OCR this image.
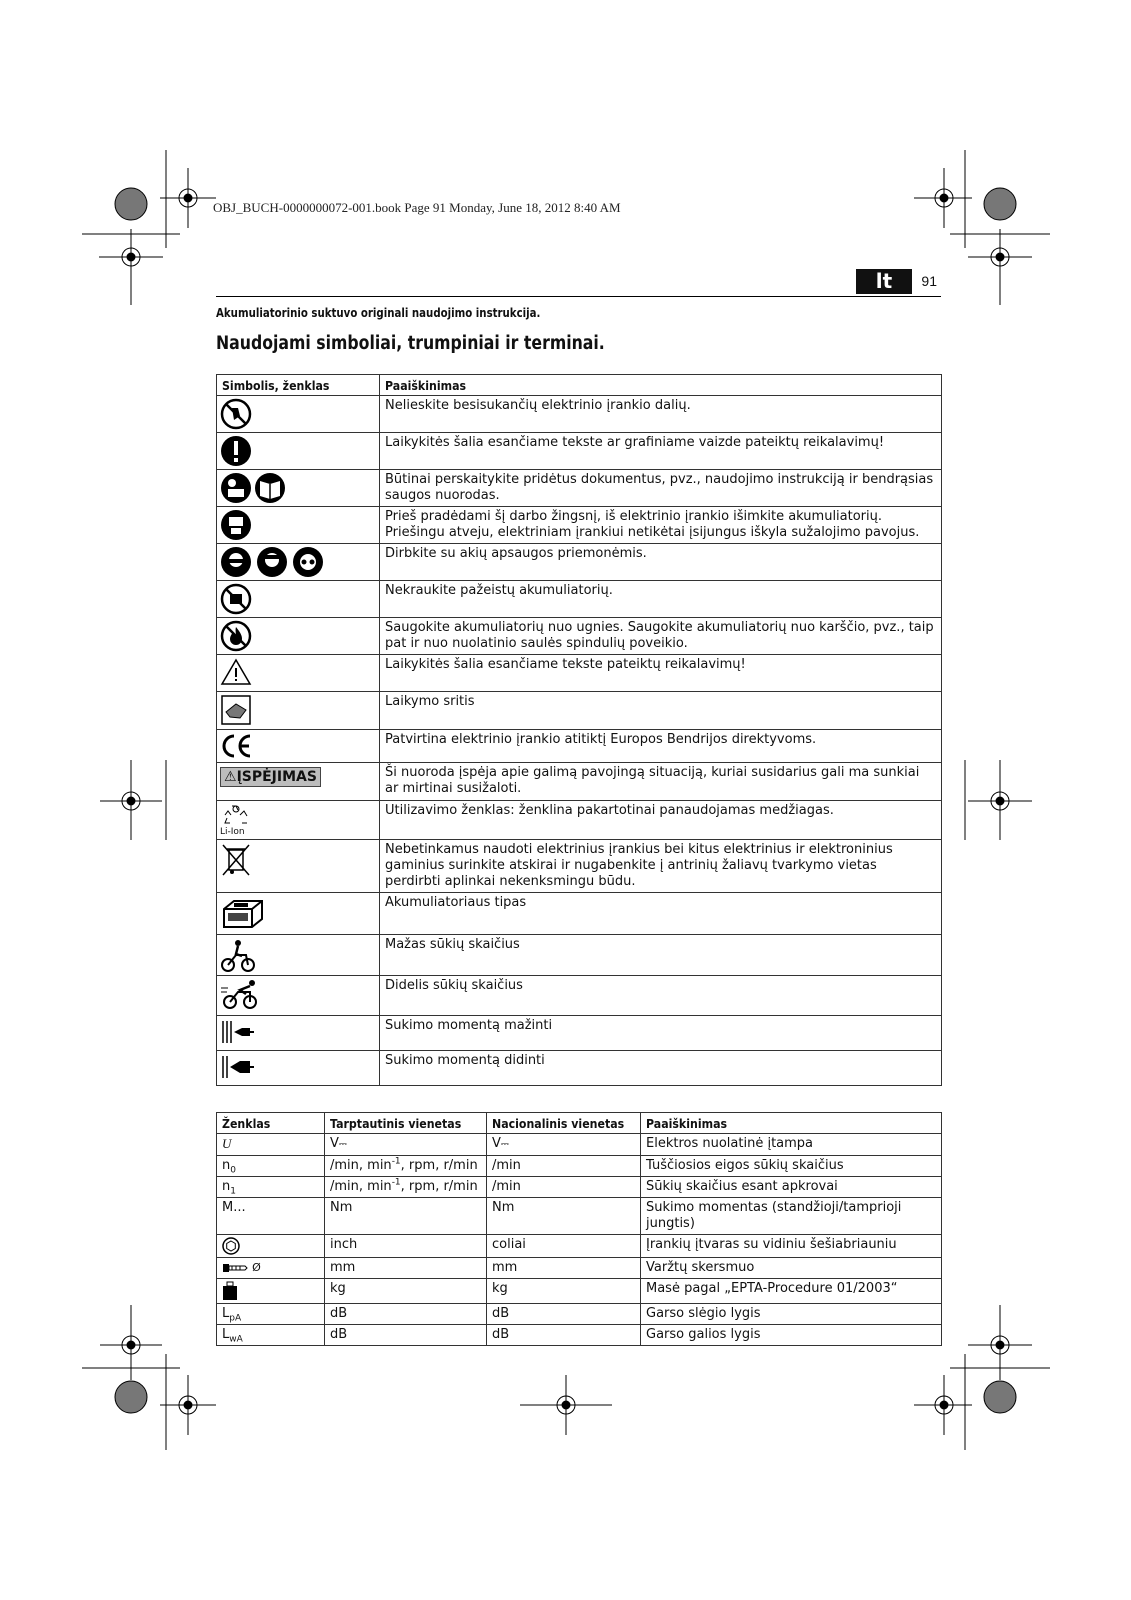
OBJ_BUCH-0000000072-001.book Page 91 Monday, June 18, 2012 8:40 AM
lt	91
Akumuliatorinio suktuvo originali naudojimo instrukcija.
Naudojami simboliai, trumpiniai ir terminai.
Simbolis, ženklas	Paaiškinimas

	Nelieskite besisukančių elektrinio įrankio dalių.

	Laikykitės šalia esančiame tekste ar grafiniame vaizde pateiktų reikalavimų!

	Būtinai perskaitykite pridėtus dokumentus, pvz., naudojimo instrukciją ir bendrąsias saugos nuorodas.

	Prieš pradėdami šį darbo žingsnį, iš elektrinio įrankio išimkite akumuliatorių. Priešingu atveju, elektriniam įrankiui netikėtai įsijungus iškyla sužalojimo pavojus.

	Dirbkite su akių apsaugos priemonėmis.

	Nekraukite pažeistų akumuliatorių.

	Saugokite akumuliatorių nuo ugnies. Saugokite akumuliatorių nuo karščio, pvz., taip pat ir nuo nuolatinio saulės spindulių poveikio.

	Laikykitės šalia esančiame tekste pateiktų reikalavimų!

	Laikymo sritis

	Patvirtina elektrinio įrankio atitiktį Europos Bendrijos direktyvoms.
⚠ĮSPĖJIMAS	Ši nuoroda įspėja apie galimą pavojingą situaciją, kuriai susidarius gali ma sunkiai ar mirtinai susižaloti.

Li-Ion	Utilizavimo ženklas: ženklina pakartotinai panaudojamas medžiagas.

	Nebetinkamus naudoti elektrinius įrankius bei kitus elektrinius ir elektroninius gaminius surinkite atskirai ir nugabenkite į antrinių žaliavų tvarkymo vietas perdirbti aplinkai nekenksmingu būdu.

	Akumuliatoriaus tipas

	Mažas sūkių skaičius

	Didelis sūkių skaičius

	Sukimo momentą mažinti

	Sukimo momentą didinti
Ženklas	Tarptautinis vienetas	Nacionalinis vienetas	Paaiškinimas
U	V⎓	V⎓	Elektros nuolatinė įtampa
$n_0$	/min, $\min^{-1}$, rpm, r/min	/min	Tuščiosios eigos sūkių skaičius
$n_1$	/min, $\min^{-1}$, rpm, r/min	/min	Sūkių skaičius esant apkrovai
M...	Nm	Nm	Sukimo momentas (standžioji/tamprioji jungtis)

	inch	coliai	Įrankių įtvaras su vidiniu šešiabriauniu
Ø	mm	mm	Varžtų skersmuo

	kg	kg	Masė pagal „EPTA-Procedure 01/2003“
$L_{pA}$	dB	dB	Garso slėgio lygis
$L_{wA}$	dB	dB	Garso galios lygis
